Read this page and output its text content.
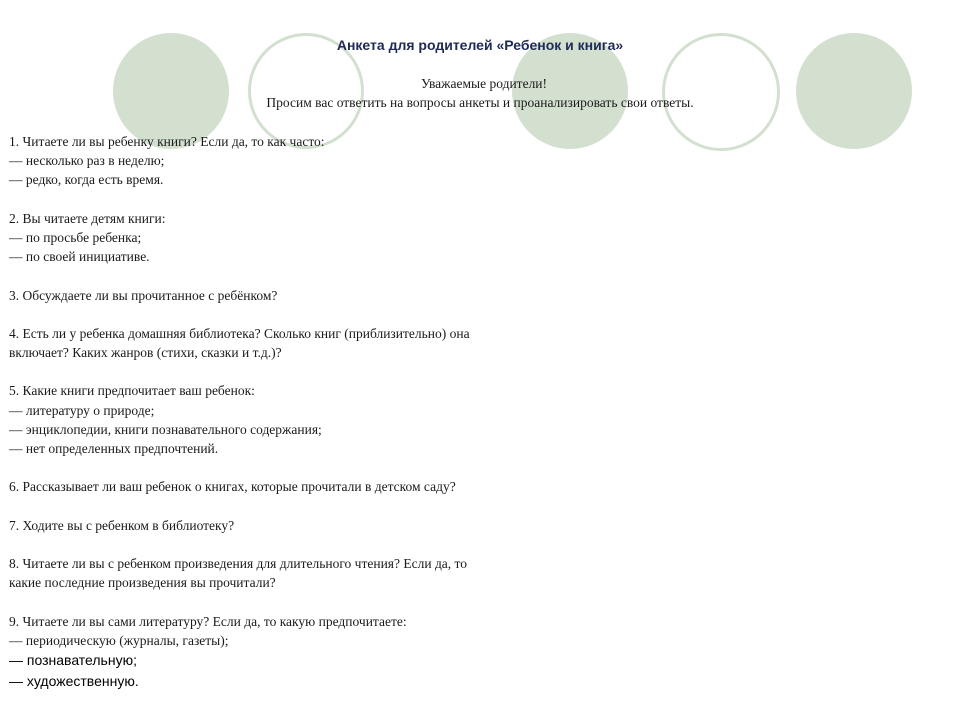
Анкета для родителей «Ребенок и книга»
Уважаемые родители!
Просим вас ответить на вопросы анкеты и проанализировать свои ответы.
1. Читаете ли вы ребенку книги? Если да, то как часто:
— несколько раз в неделю;
— редко, когда есть время.
2. Вы читаете детям книги:
— по просьбе ребенка;
— по своей инициативе.
3. Обсуждаете ли вы прочитанное с ребёнком?
4. Есть ли у ребенка домашняя библиотека? Сколько книг (приблизительно) она
включает? Каких жанров (стихи, сказки и т.д.)?
5. Какие книги предпочитает ваш ребенок:
— литературу о природе;
— энциклопедии, книги познавательного содержания;
— нет определенных предпочтений.
6. Рассказывает ли ваш ребенок о книгах, которые прочитали в детском саду?
7. Ходите вы с ребенком в библиотеку?
8. Читаете ли вы с ребенком произведения для длительного чтения? Если да, то
какие последние произведения вы прочитали?
9. Читаете ли вы сами литературу? Если да, то какую предпочитаете:
— периодическую (журналы, газеты);
— познавательную;
— художественную.
